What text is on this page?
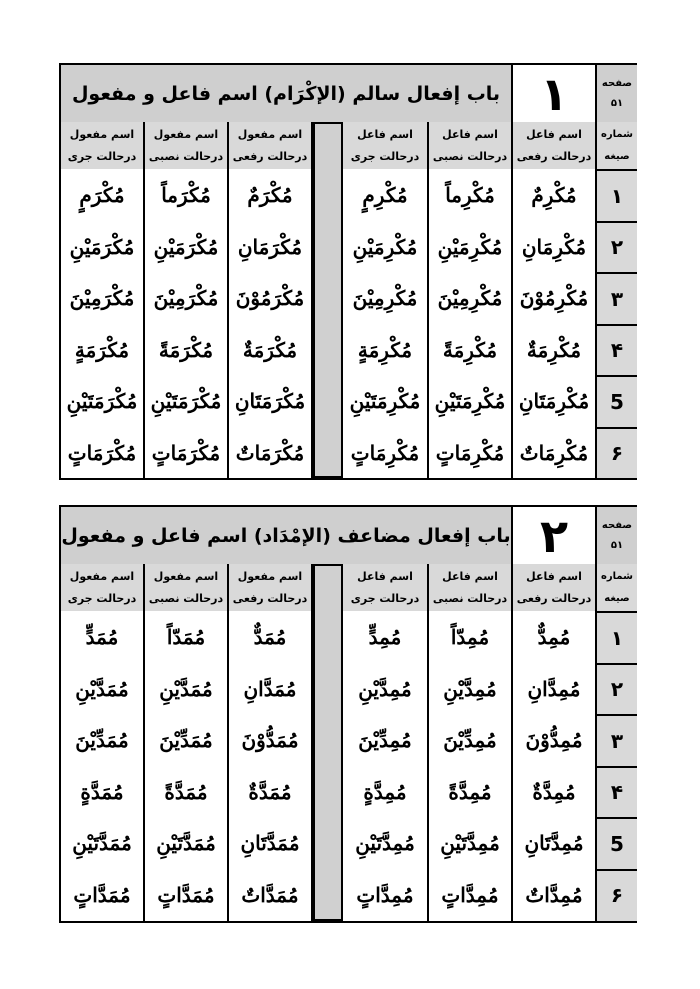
باب إفعال سالم (الإكْرَام) اسم فاعل و مفعول ۱	صفحه
۵۱
اسم مفعول
درحالت جری
مُكْرَمٍ
مُكْرَمَيْنِ
مُكْرَمِيْنَ
مُكْرَمَةٍ
مُكْرَمَتَيْنِ
مُكْرَمَاتٍ
اسم مفعول
درحالت نصبی
مُكْرَماً
مُكْرَمَيْنِ
مُكْرَمِيْنَ
مُكْرَمَةً
مُكْرَمَتَيْنِ
مُكْرَمَاتٍ
اسم مفعول
درحالت رفعی
مُكْرَمٌ
مُكْرَمَانِ
مُكْرَمُوْنَ
مُكْرَمَةٌ
مُكْرَمَتَانِ
مُكْرَمَاتٌ
اسم فاعل
درحالت جری
مُكْرِمٍ
مُكْرِمَيْنِ
مُكْرِمِيْنَ
مُكْرِمَةٍ
مُكْرِمَتَيْنِ
مُكْرِمَاتٍ
اسم فاعل
درحالت نصبی
مُكْرِماً
مُكْرِمَيْنِ
مُكْرِمِيْنَ
مُكْرِمَةً
مُكْرِمَتَيْنِ
مُكْرِمَاتٍ
اسم فاعل
درحالت رفعی
مُكْرِمٌ
مُكْرِمَانِ
مُكْرِمُوْنَ
مُكْرِمَةٌ
مُكْرِمَتَانِ
مُكْرِمَاتٌ
شماره
صیغه
۱
۲
۳
۴
5
۶
باب إفعال مضاعف (الإمْدَاد) اسم فاعل و مفعول ۲	صفحه
۵۱
اسم مفعول
درحالت جری
مُمَدٍّ
مُمَدَّيْنِ
مُمَدِّيْنَ
مُمَدَّةٍ
مُمَدَّتَيْنِ
مُمَدَّاتٍ
اسم مفعول
درحالت نصبی
مُمَدّاً
مُمَدَّيْنِ
مُمَدِّيْنَ
مُمَدَّةً
مُمَدَّتَيْنِ
مُمَدَّاتٍ
اسم مفعول
درحالت رفعی
مُمَدٌّ
مُمَدَّانِ
مُمَدُّوْنَ
مُمَدَّةٌ
مُمَدَّتَانِ
مُمَدَّاتٌ
اسم فاعل
درحالت جری
مُمِدٍّ
مُمِدَّيْنِ
مُمِدِّيْنَ
مُمِدَّةٍ
مُمِدَّتَيْنِ
مُمِدَّاتٍ
اسم فاعل
درحالت نصبی
مُمِدّاً
مُمِدَّيْنِ
مُمِدِّيْنَ
مُمِدَّةً
مُمِدَّتَيْنِ
مُمِدَّاتٍ
اسم فاعل
درحالت رفعی
مُمِدٌّ
مُمِدَّانِ
مُمِدُّوْنَ
مُمِدَّةٌ
مُمِدَّتَانِ
مُمِدَّاتٌ
شماره
صیغه
۱
۲
۳
۴
5
۶
